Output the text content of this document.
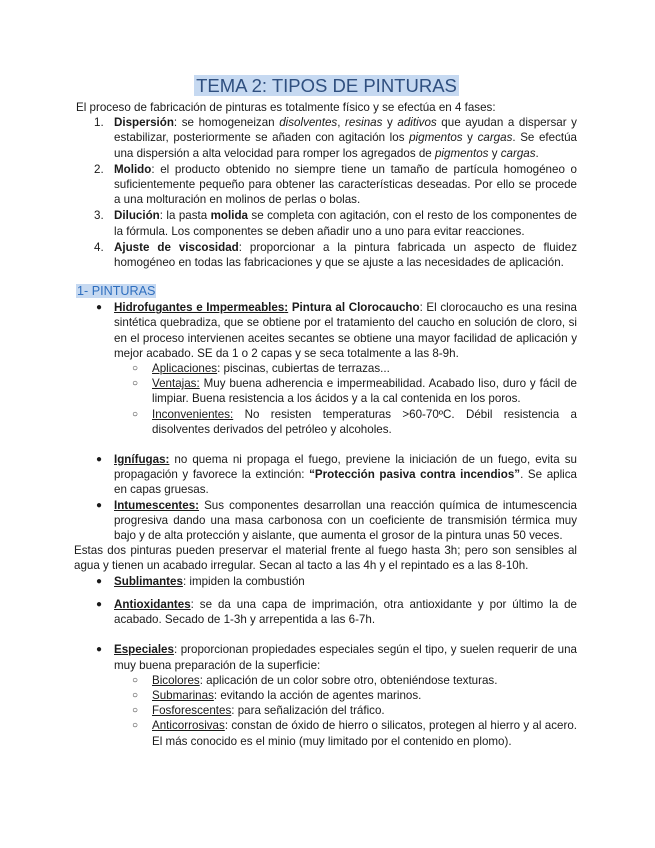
TEMA 2: TIPOS DE PINTURAS

El proceso de fabricación de pinturas es totalmente físico y se efectúa en 4 fases:

1. Dispersión: se homogeneizan disolventes, resinas y aditivos que ayudan a dispersar y estabilizar, posteriormente se añaden con agitación los pigmentos y cargas. Se efectúa una dispersión a alta velocidad para romper los agregados de pigmentos y cargas.
2. Molido: el producto obtenido no siempre tiene un tamaño de partícula homogéneo o suficientemente pequeño para obtener las características deseadas. Por ello se procede a una molturación en molinos de perlas o bolas.
3. Dilución: la pasta molida se completa con agitación, con el resto de los componentes de la fórmula. Los componentes se deben añadir uno a uno para evitar reacciones.
4. Ajuste de viscosidad: proporcionar a la pintura fabricada un aspecto de fluidez homogéneo en todas las fabricaciones y que se ajuste a las necesidades de aplicación.
1- PINTURAS
● Hidrofugantes e Impermeables: Pintura al Clorocaucho: El clorocaucho es una resina sintética quebradiza, que se obtiene por el tratamiento del caucho en solución de cloro, si en el proceso intervienen aceites secantes se obtiene una mayor facilidad de aplicación y mejor acabado. SE da 1 o 2 capas y se seca totalmente a las 8-9h.
○ Aplicaciones: piscinas, cubiertas de terrazas...
○ Ventajas: Muy buena adherencia e impermeabilidad. Acabado liso, duro y fácil de limpiar. Buena resistencia a los ácidos y a la cal contenida en los poros.
○ Inconvenientes: No resisten temperaturas >60-70ºC. Débil resistencia a disolventes derivados del petróleo y alcoholes.
● Ignífugas: no quema ni propaga el fuego, previene la iniciación de un fuego, evita su propagación y favorece la extinción: “Protección pasiva contra incendios”. Se aplica en capas gruesas.
● Intumescentes: Sus componentes desarrollan una reacción química de intumescencia progresiva dando una masa carbonosa con un coeficiente de transmisión térmica muy bajo y de alta protección y aislante, que aumenta el grosor de la pintura unas 50 veces.

Estas dos pinturas pueden preservar el material frente al fuego hasta 3h; pero son sensibles al agua y tienen un acabado irregular. Secan al tacto a las 4h y el repintado es a las 8-10h.

● Sublimantes: impiden la combustión
● Antioxidantes: se da una capa de imprimación, otra antioxidante y por último la de acabado. Secado de 1-3h y arrepentida a las 6-7h.
● Especiales: proporcionan propiedades especiales según el tipo, y suelen requerir de una muy buena preparación de la superficie:
○ Bicolores: aplicación de un color sobre otro, obteniéndose texturas.
○ Submarinas: evitando la acción de agentes marinos.
○ Fosforescentes: para señalización del tráfico.
○ Anticorrosivas: constan de óxido de hierro o silicatos, protegen al hierro y al acero. El más conocido es el minio (muy limitado por el contenido en plomo).
